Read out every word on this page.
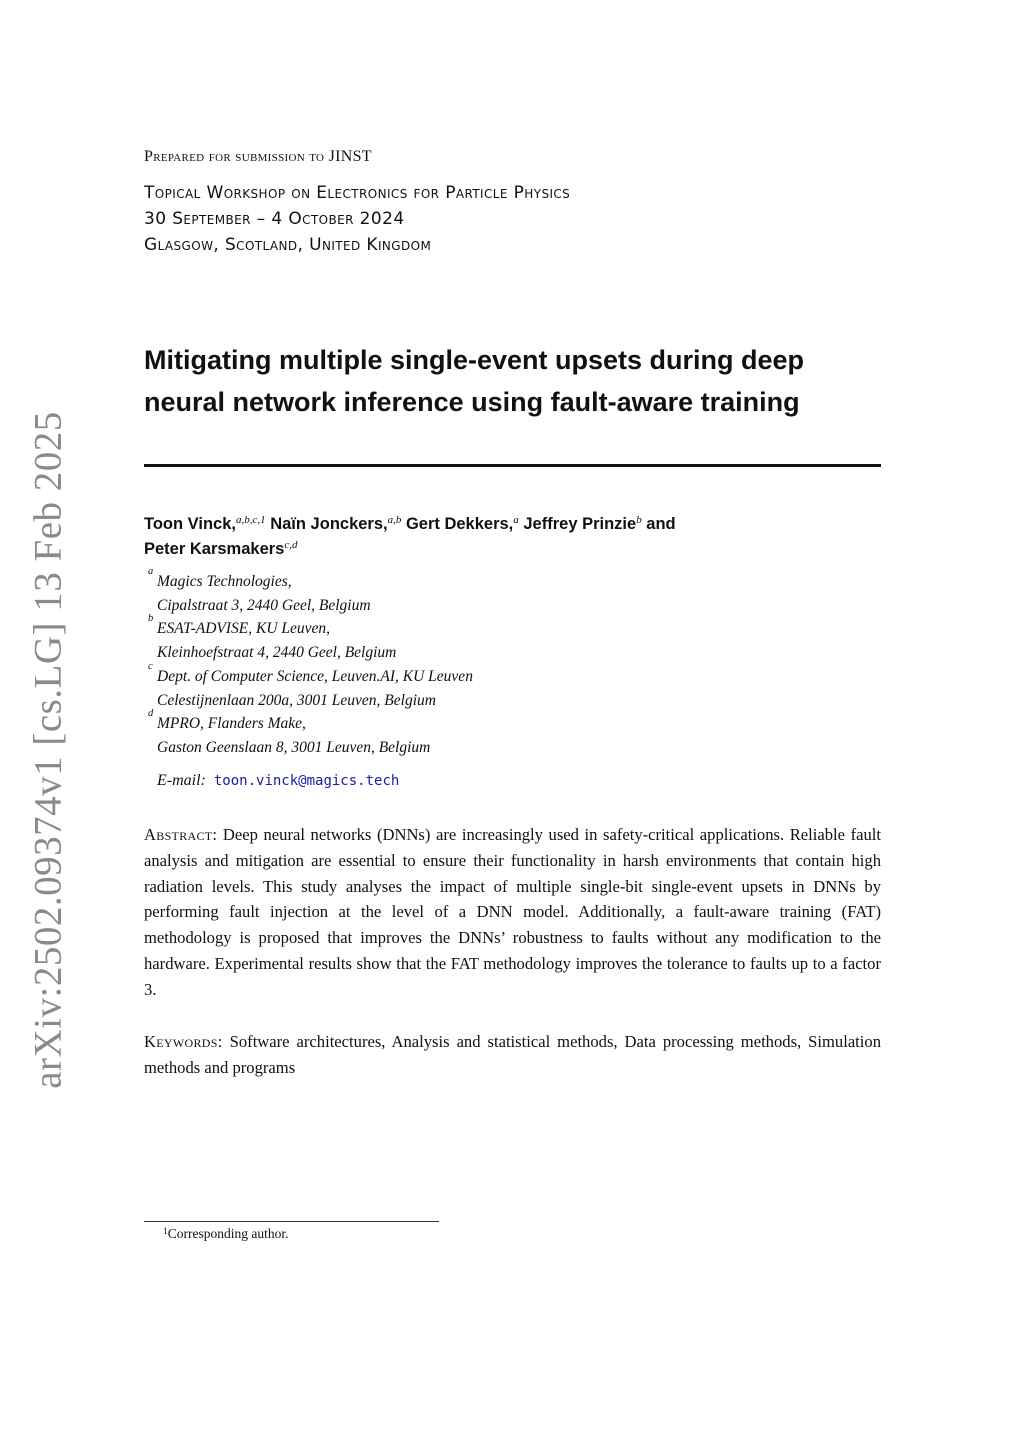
arXiv:2502.09374v1 [cs.LG] 13 Feb 2025
Prepared for submission to JINST
Topical Workshop on Electronics for Particle Physics
30 September – 4 October 2024
Glasgow, Scotland, United Kingdom
Mitigating multiple single-event upsets during deep neural network inference using fault-aware training
Toon Vinck,$^{a,b,c,1}$ Naïn Jonckers,$^{a,b}$ Gert Dekkers,$^a$ Jeffrey Prinzie$^b$ and
Peter Karsmakers$^{c,d}$
a
Magics Technologies,
Cipalstraat 3, 2440 Geel, Belgium
b
ESAT-ADVISE, KU Leuven,
Kleinhoefstraat 4, 2440 Geel, Belgium
c
Dept. of Computer Science, Leuven.AI, KU Leuven
Celestijnenlaan 200a, 3001 Leuven, Belgium
d
MPRO, Flanders Make,
Gaston Geenslaan 8, 3001 Leuven, Belgium
E-mail: toon.vinck@magics.tech

Abstract: Deep neural networks (DNNs) are increasingly used in safety-critical applications. Reliable fault analysis and mitigation are essential to ensure their functionality in harsh environments that contain high radiation levels. This study analyses the impact of multiple single-bit single-event upsets in DNNs by performing fault injection at the level of a DNN model. Additionally, a fault-aware training (FAT) methodology is proposed that improves the DNNs’ robustness to faults without any modification to the hardware. Experimental results show that the FAT methodology improves the tolerance to faults up to a factor 3.

Keywords: Software architectures, Analysis and statistical methods, Data processing methods, Simulation methods and programs

$^1$Corresponding author.
